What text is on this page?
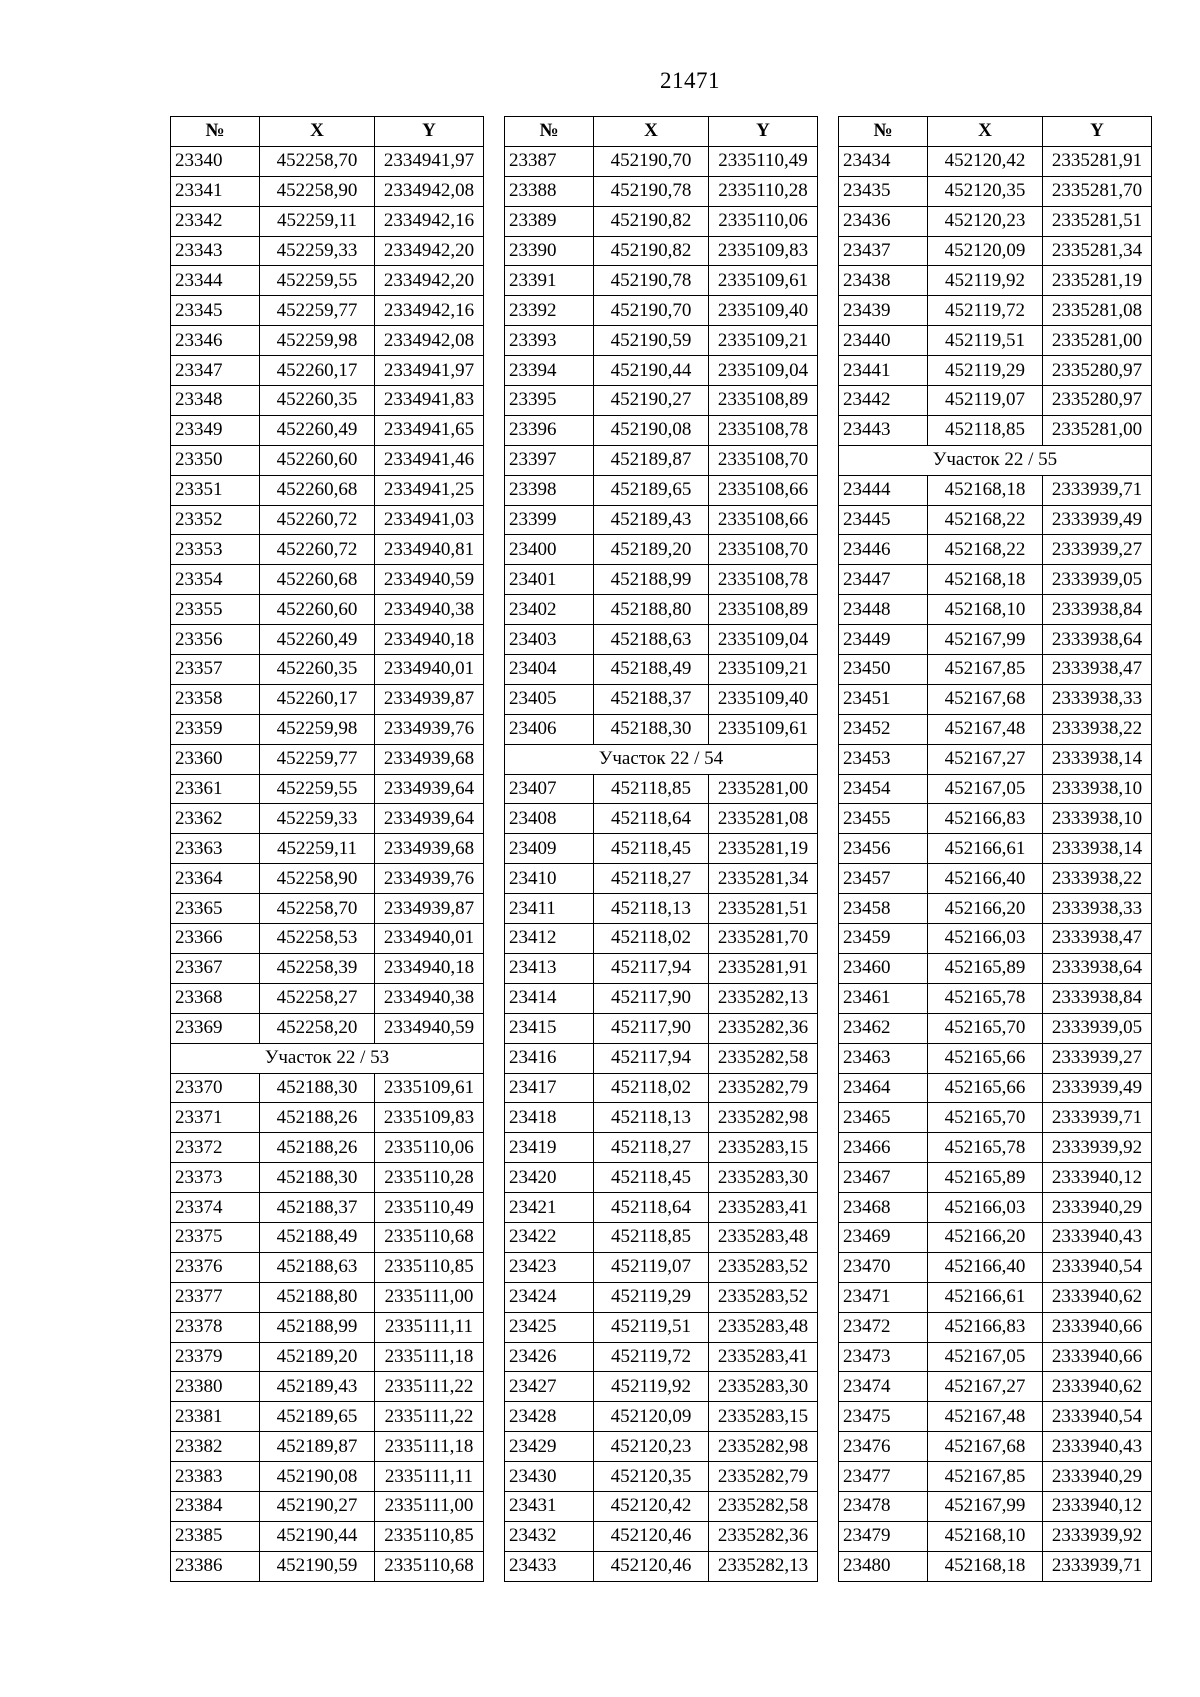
21471
№	X	Y
23340	452258,70	2334941,97
23341	452258,90	2334942,08
23342	452259,11	2334942,16
23343	452259,33	2334942,20
23344	452259,55	2334942,20
23345	452259,77	2334942,16
23346	452259,98	2334942,08
23347	452260,17	2334941,97
23348	452260,35	2334941,83
23349	452260,49	2334941,65
23350	452260,60	2334941,46
23351	452260,68	2334941,25
23352	452260,72	2334941,03
23353	452260,72	2334940,81
23354	452260,68	2334940,59
23355	452260,60	2334940,38
23356	452260,49	2334940,18
23357	452260,35	2334940,01
23358	452260,17	2334939,87
23359	452259,98	2334939,76
23360	452259,77	2334939,68
23361	452259,55	2334939,64
23362	452259,33	2334939,64
23363	452259,11	2334939,68
23364	452258,90	2334939,76
23365	452258,70	2334939,87
23366	452258,53	2334940,01
23367	452258,39	2334940,18
23368	452258,27	2334940,38
23369	452258,20	2334940,59
Участок 22 / 53		
23370	452188,30	2335109,61
23371	452188,26	2335109,83
23372	452188,26	2335110,06
23373	452188,30	2335110,28
23374	452188,37	2335110,49
23375	452188,49	2335110,68
23376	452188,63	2335110,85
23377	452188,80	2335111,00
23378	452188,99	2335111,11
23379	452189,20	2335111,18
23380	452189,43	2335111,22
23381	452189,65	2335111,22
23382	452189,87	2335111,18
23383	452190,08	2335111,11
23384	452190,27	2335111,00
23385	452190,44	2335110,85
23386	452190,59	2335110,68
№	X	Y
23387	452190,70	2335110,49
23388	452190,78	2335110,28
23389	452190,82	2335110,06
23390	452190,82	2335109,83
23391	452190,78	2335109,61
23392	452190,70	2335109,40
23393	452190,59	2335109,21
23394	452190,44	2335109,04
23395	452190,27	2335108,89
23396	452190,08	2335108,78
23397	452189,87	2335108,70
23398	452189,65	2335108,66
23399	452189,43	2335108,66
23400	452189,20	2335108,70
23401	452188,99	2335108,78
23402	452188,80	2335108,89
23403	452188,63	2335109,04
23404	452188,49	2335109,21
23405	452188,37	2335109,40
23406	452188,30	2335109,61
Участок 22 / 54		
23407	452118,85	2335281,00
23408	452118,64	2335281,08
23409	452118,45	2335281,19
23410	452118,27	2335281,34
23411	452118,13	2335281,51
23412	452118,02	2335281,70
23413	452117,94	2335281,91
23414	452117,90	2335282,13
23415	452117,90	2335282,36
23416	452117,94	2335282,58
23417	452118,02	2335282,79
23418	452118,13	2335282,98
23419	452118,27	2335283,15
23420	452118,45	2335283,30
23421	452118,64	2335283,41
23422	452118,85	2335283,48
23423	452119,07	2335283,52
23424	452119,29	2335283,52
23425	452119,51	2335283,48
23426	452119,72	2335283,41
23427	452119,92	2335283,30
23428	452120,09	2335283,15
23429	452120,23	2335282,98
23430	452120,35	2335282,79
23431	452120,42	2335282,58
23432	452120,46	2335282,36
23433	452120,46	2335282,13
№	X	Y
23434	452120,42	2335281,91
23435	452120,35	2335281,70
23436	452120,23	2335281,51
23437	452120,09	2335281,34
23438	452119,92	2335281,19
23439	452119,72	2335281,08
23440	452119,51	2335281,00
23441	452119,29	2335280,97
23442	452119,07	2335280,97
23443	452118,85	2335281,00
Участок 22 / 55		
23444	452168,18	2333939,71
23445	452168,22	2333939,49
23446	452168,22	2333939,27
23447	452168,18	2333939,05
23448	452168,10	2333938,84
23449	452167,99	2333938,64
23450	452167,85	2333938,47
23451	452167,68	2333938,33
23452	452167,48	2333938,22
23453	452167,27	2333938,14
23454	452167,05	2333938,10
23455	452166,83	2333938,10
23456	452166,61	2333938,14
23457	452166,40	2333938,22
23458	452166,20	2333938,33
23459	452166,03	2333938,47
23460	452165,89	2333938,64
23461	452165,78	2333938,84
23462	452165,70	2333939,05
23463	452165,66	2333939,27
23464	452165,66	2333939,49
23465	452165,70	2333939,71
23466	452165,78	2333939,92
23467	452165,89	2333940,12
23468	452166,03	2333940,29
23469	452166,20	2333940,43
23470	452166,40	2333940,54
23471	452166,61	2333940,62
23472	452166,83	2333940,66
23473	452167,05	2333940,66
23474	452167,27	2333940,62
23475	452167,48	2333940,54
23476	452167,68	2333940,43
23477	452167,85	2333940,29
23478	452167,99	2333940,12
23479	452168,10	2333939,92
23480	452168,18	2333939,71
